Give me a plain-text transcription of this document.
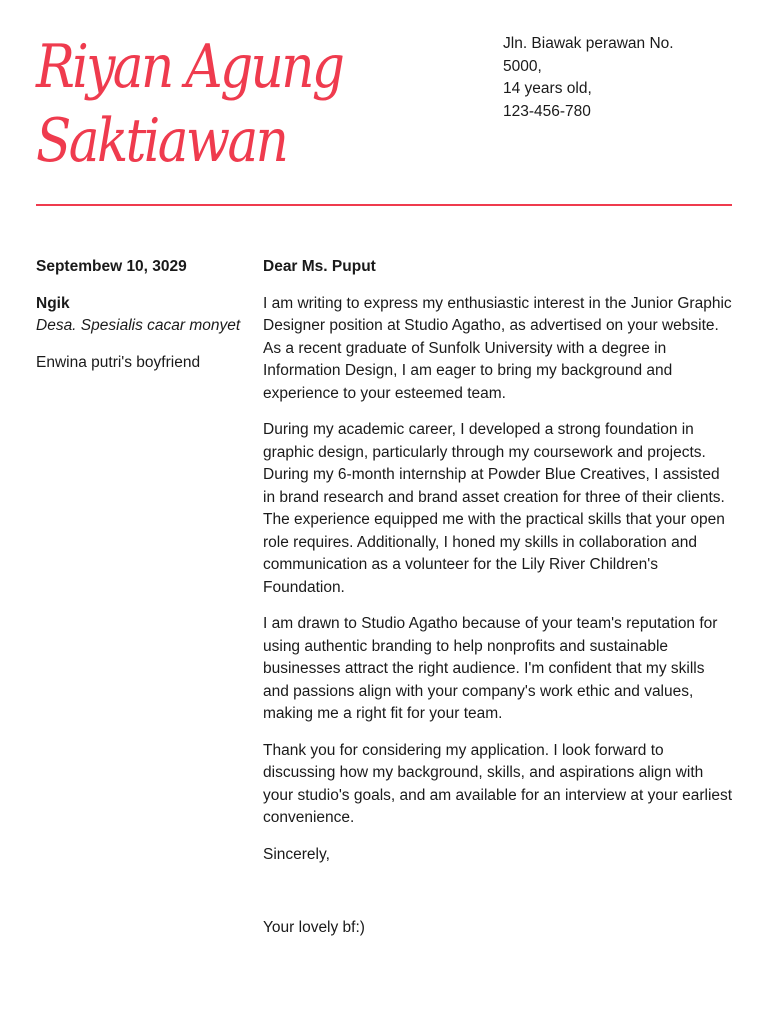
Riyan Agung
Saktiawan
Jln. Biawak perawan No.
5000,
14 years old,
123-456-780
Septembew 10, 3029
Ngik
Desa. Spesialis cacar monyet
Enwina putri's boyfriend
Dear Ms. Puput

I am writing to express my enthusiastic interest in the Junior Graphic Designer position at Studio Agatho, as advertised on your website. As a recent graduate of Sunfolk University with a degree in Information Design, I am eager to bring my background and experience to your esteemed team.

During my academic career, I developed a strong foundation in graphic design, particularly through my coursework and projects. During my 6-month internship at Powder Blue Creatives, I assisted in brand research and brand asset creation for three of their clients. The experience equipped me with the practical skills that your open role requires. Additionally, I honed my skills in collaboration and communication as a volunteer for the Lily River Children's Foundation.

I am drawn to Studio Agatho because of your team's reputation for using authentic branding to help nonprofits and sustainable businesses attract the right audience. I'm confident that my skills and passions align with your company's work ethic and values, making me a right fit for your team.

Thank you for considering my application. I look forward to discussing how my background, skills, and aspirations align with your studio's goals, and am available for an interview at your earliest convenience.

Sincerely,
Your lovely bf:)
